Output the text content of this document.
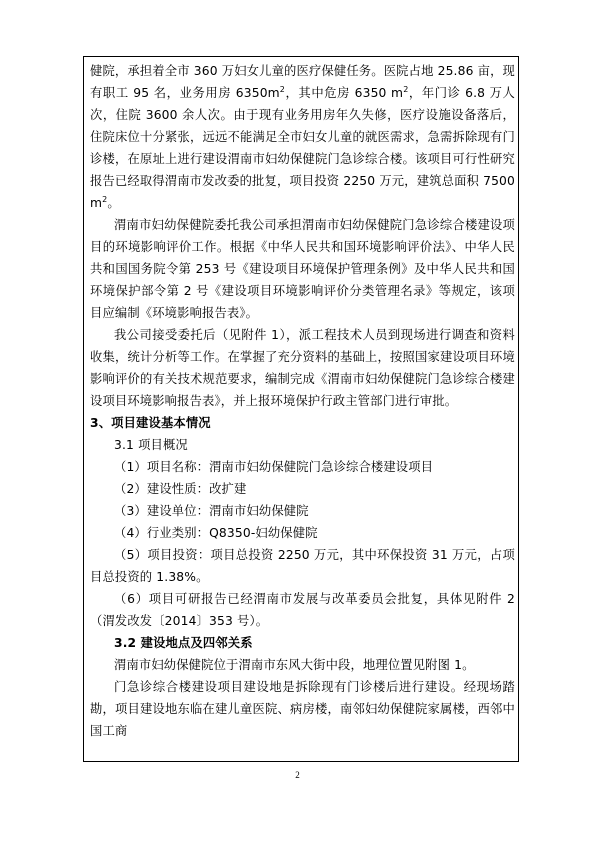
健院，承担着全市 360 万妇女儿童的医疗保健任务。医院占地 25.86 亩，现有职工 95 名，业务用房 $6350m^2$，其中危房 6350 $m^2$，年门诊 6.8 万人次，住院 3600 余人次。由于现有业务用房年久失修，医疗设施设备落后，住院床位十分紧张，远远不能满足全市妇女儿童的就医需求，急需拆除现有门诊楼，在原址上进行建设渭南市妇幼保健院门急诊综合楼。该项目可行性研究报告已经取得渭南市发改委的批复，项目投资 2250 万元，建筑总面积 7500 $m^2$。

渭南市妇幼保健院委托我公司承担渭南市妇幼保健院门急诊综合楼建设项目的环境影响评价工作。根据《中华人民共和国环境影响评价法》、中华人民共和国国务院令第 253 号《建设项目环境保护管理条例》及中华人民共和国环境保护部令第 2 号《建设项目环境影响评价分类管理名录》等规定，该项目应编制《环境影响报告表》。

我公司接受委托后（见附件 1），派工程技术人员到现场进行调查和资料收集，统计分析等工作。在掌握了充分资料的基础上，按照国家建设项目环境影响评价的有关技术规范要求，编制完成《渭南市妇幼保健院门急诊综合楼建设项目环境影响报告表》，并上报环境保护行政主管部门进行审批。

3、项目建设基本情况

3.1 项目概况

（1）项目名称：渭南市妇幼保健院门急诊综合楼建设项目

（2）建设性质：改扩建

（3）建设单位：渭南市妇幼保健院

（4）行业类别：Q8350-妇幼保健院

（5）项目投资：项目总投资 2250 万元，其中环保投资 31 万元，占项目总投资的 1.38%。

（6）项目可研报告已经渭南市发展与改革委员会批复，具体见附件 2（渭发改发〔2014〕353 号）。

3.2 建设地点及四邻关系

渭南市妇幼保健院位于渭南市东风大街中段，地理位置见附图 1。

门急诊综合楼建设项目建设地是拆除现有门诊楼后进行建设。经现场踏勘，项目建设地东临在建儿童医院、病房楼，南邻妇幼保健院家属楼，西邻中国工商

2
